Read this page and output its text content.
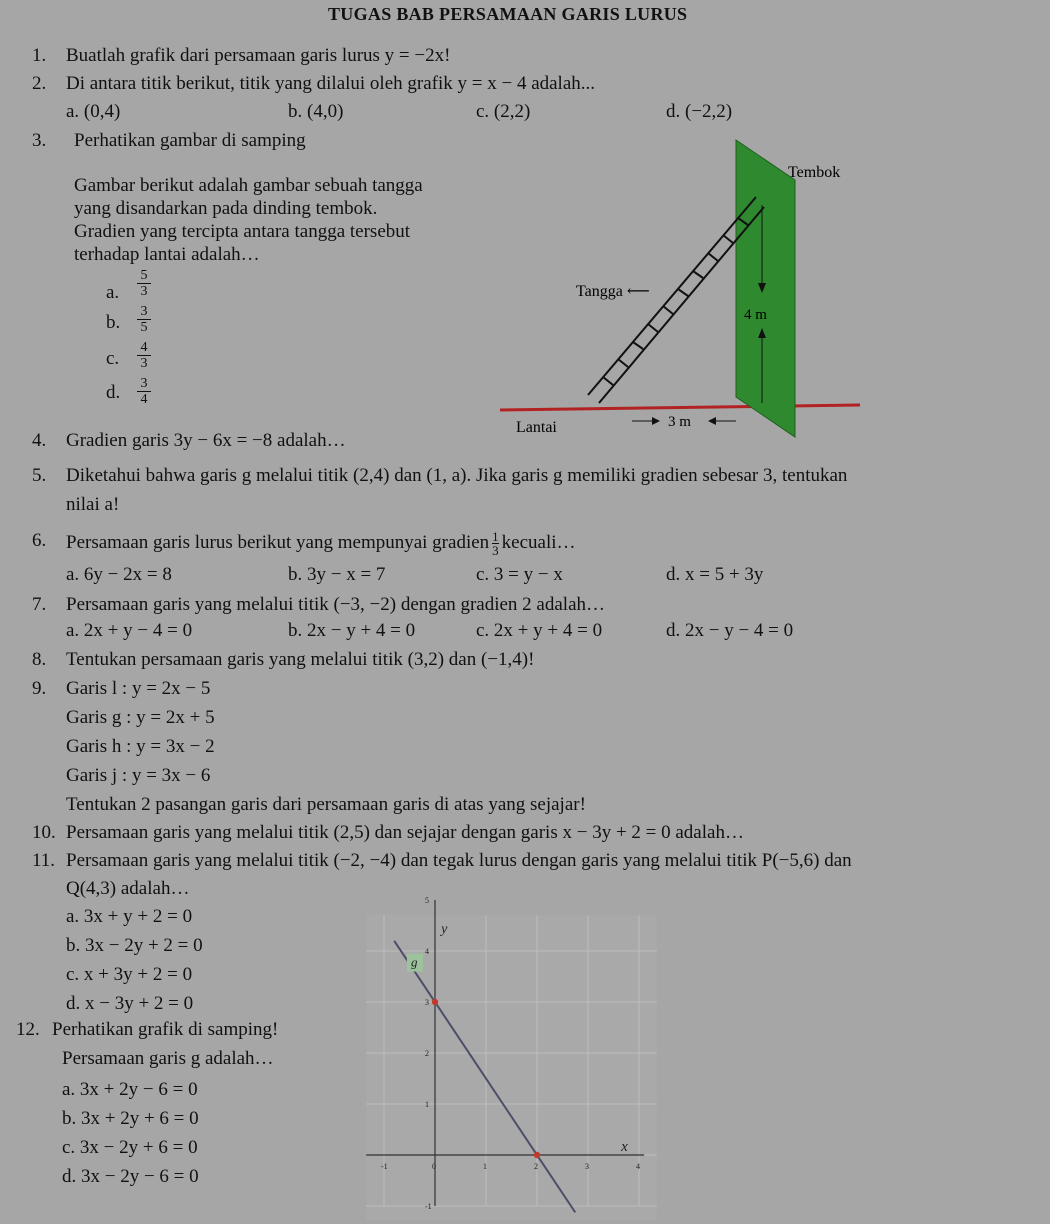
TUGAS BAB PERSAMAAN GARIS LURUS
1. Buatlah grafik dari persamaan garis lurus y = −2x!
2. Di antara titik berikut, titik yang dilalui oleh grafik y = x − 4 adalah...
a. (0,4)	b. (4,0)	c. (2,2)	d. (−2,2)
3. Perhatikan gambar di samping
Gambar berikut adalah gambar sebuah tangga
yang disandarkan pada dinding tembok.
Gradien yang tercipta antara tangga tersebut
terhadap lantai adalah…
a. $\frac{5}{3}$
b. $\frac{3}{5}$
c. $\frac{4}{3}$
d. $\frac{3}{4}$
Tembok
Tangga ⟵
4 m
Lantai	3 m
4. Gradien garis 3y − 6x = −8 adalah…
5. Diketahui bahwa garis g melalui titik (2,4) dan (1, a). Jika garis g memiliki gradien sebesar 3, tentukan
nilai a!
6. Persamaan garis lurus berikut yang mempunyai gradien $\frac{1}{3}$ kecuali…
a. 6y − 2x = 8	b. 3y − x = 7	c. 3 = y − x	d. x = 5 + 3y
7. Persamaan garis yang melalui titik (−3, −2) dengan gradien 2 adalah…
a. 2x + y − 4 = 0	b. 2x − y + 4 = 0	c. 2x + y + 4 = 0	d. 2x − y − 4 = 0
8. Tentukan persamaan garis yang melalui titik (3,2) dan (−1,4)!
9. Garis l : y = 2x − 5
Garis g : y = 2x + 5
Garis h : y = 3x − 2
Garis j : y = 3x − 6
Tentukan 2 pasangan garis dari persamaan garis di atas yang sejajar!
10. Persamaan garis yang melalui titik (2,5) dan sejajar dengan garis x − 3y + 2 = 0 adalah…
11. Persamaan garis yang melalui titik (−2, −4) dan tegak lurus dengan garis yang melalui titik P(−5,6) dan
Q(4,3) adalah…
a. 3x + y + 2 = 0
b. 3x − 2y + 2 = 0
c. x + 3y + 2 = 0
d. x − 3y + 2 = 0
12. Perhatikan grafik di samping!
Persamaan garis g adalah…
a. 3x + 2y − 6 = 0
b. 3x + 2y + 6 = 0
c. 3x − 2y + 6 = 0
d. 3x − 2y − 6 = 0	-1	0	1	2	3	4
-1
1
2
3
4
5
g
x
y
